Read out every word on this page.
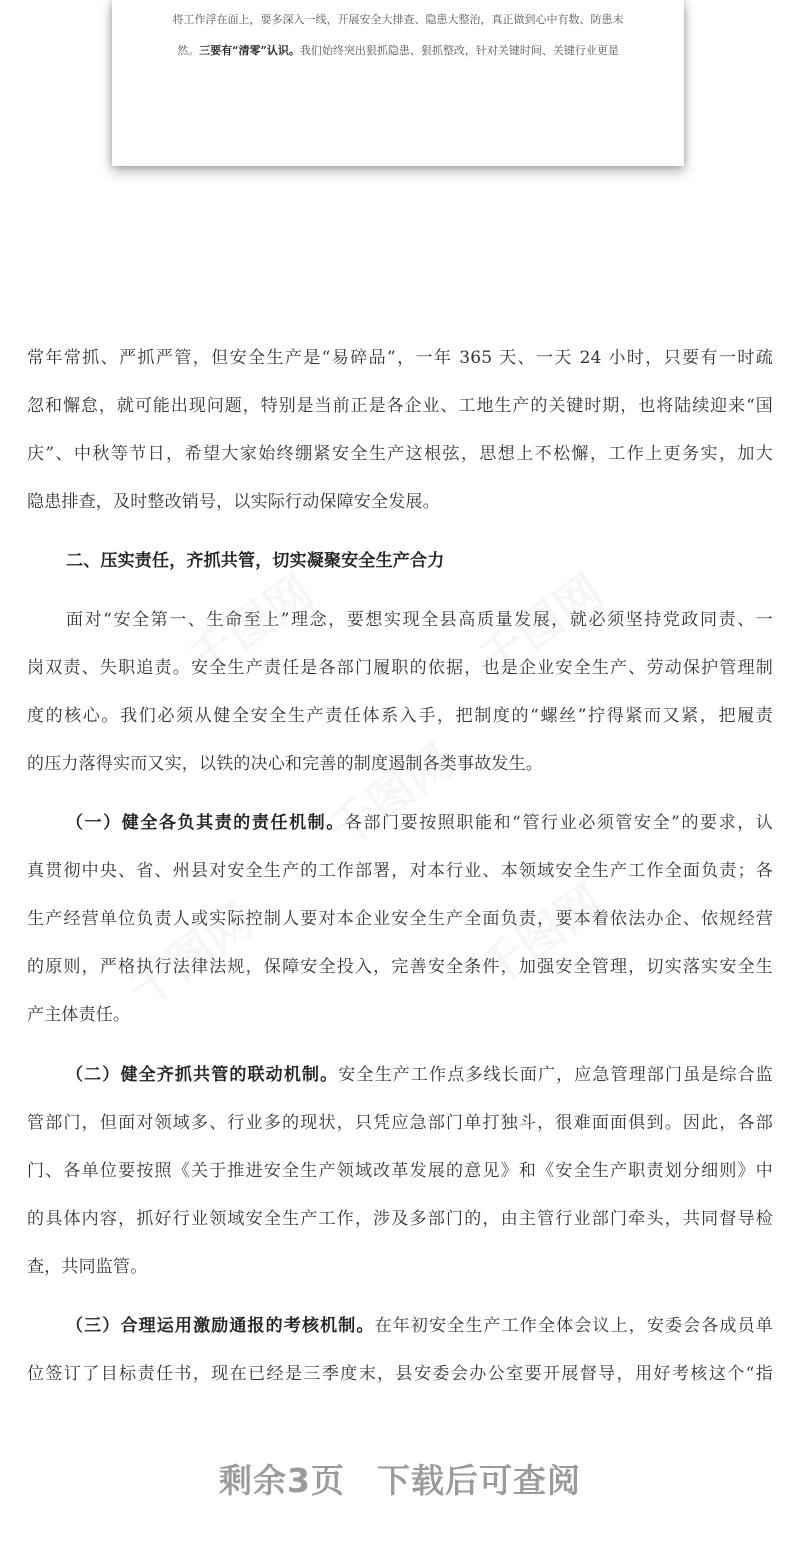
将工作浮在面上，要多深入一线，开展安全大排查、隐患大整治，真正做到心中有数、防患未
然。三要有“清零”认识。我们始终突出狠抓隐患、狠抓整改，针对关键时间、关键行业更是
常年常抓、严抓严管，但安全生产是“易碎品”，一年 365 天、一天 24 小时，只要有一时疏
忽和懈怠，就可能出现问题，特别是当前正是各企业、工地生产的关键时期，也将陆续迎来“国
庆”、中秋等节日，希望大家始终绷紧安全生产这根弦，思想上不松懈，工作上更务实，加大
隐患排查，及时整改销号，以实际行动保障安全发展。
二、压实责任，齐抓共管，切实凝聚安全生产合力
面对“安全第一、生命至上”理念，要想实现全县高质量发展，就必须坚持党政同责、一
岗双责、失职追责。安全生产责任是各部门履职的依据，也是企业安全生产、劳动保护管理制
度的核心。我们必须从健全安全生产责任体系入手，把制度的“螺丝”拧得紧而又紧，把履责
的压力落得实而又实，以铁的决心和完善的制度遏制各类事故发生。
（一）健全各负其责的责任机制。各部门要按照职能和“管行业必须管安全”的要求，认
真贯彻中央、省、州县对安全生产的工作部署，对本行业、本领域安全生产工作全面负责；各
生产经营单位负责人或实际控制人要对本企业安全生产全面负责，要本着依法办企、依规经营
的原则，严格执行法律法规，保障安全投入，完善安全条件，加强安全管理，切实落实安全生
产主体责任。
（二）健全齐抓共管的联动机制。安全生产工作点多线长面广，应急管理部门虽是综合监
管部门，但面对领域多、行业多的现状，只凭应急部门单打独斗，很难面面俱到。因此，各部
门、各单位要按照《关于推进安全生产领域改革发展的意见》和《安全生产职责划分细则》中
的具体内容，抓好行业领域安全生产工作，涉及多部门的，由主管行业部门牵头，共同督导检
查，共同监管。
（三）合理运用激励通报的考核机制。在年初安全生产工作全体会议上，安委会各成员单
位签订了目标责任书，现在已经是三季度末，县安委会办公室要开展督导，用好考核这个“指
剩余3页 下载后可查阅
